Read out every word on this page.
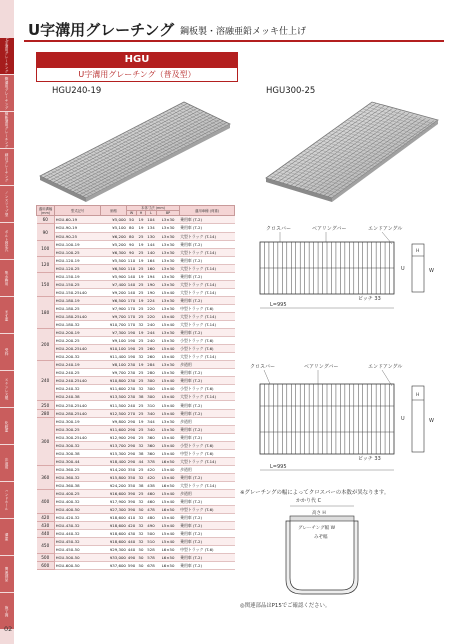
U字溝用グレーチング
側溝用グレーチング
横断溝用グレーチング
細目グレーチング
ノンスリップ型
ボルト固定式
集水桝用
ます蓋
受枠
ステンレス製
化粧蓋
歩道用
ハンドホール
溝蓋
関連部品
施工例
U字溝用グレーチング 鋼板製・溶融亜鉛メッキ仕上げ
HGU
U字溝用グレーチング（普及型）
HGU240-19	HGU300-25
適用溝幅 (mm)	型式記号	価格	本体寸法 (mm)				適用車種 (荷重)
			W	H	L	BP	
60	HGU-60-19	¥5,000	50	19	104	L3×30	乗用車 (T-2)
90	HGU-90-19	¥5,100	80	19	134	L3×30	乗用車 (T-2)
	HGU-90-25	¥6,200	80	25	130	L3×30	大型トラック (T-14)
100	HGU-100-19	¥5,200	90	19	144	L3×30	乗用車 (T-2)
	HGU-100-25	¥6,300	90	25	140	L3×30	大型トラック (T-14)
120	HGU-120-19	¥5,500	110	19	164	L3×30	乗用車 (T-2)
	HGU-120-25	¥6,500	110	25	160	L3×30	大型トラック (T-14)
150	HGU-150-19	¥5,900	140	19	194	L3×30	乗用車 (T-2)
	HGU-150-25	¥7,400	140	25	190	L3×30	大型トラック (T-14)
	HGU-150-25L40	¥9,200	140	25	190	L5×40	大型トラック (T-14)
180	HGU-180-19	¥6,500	170	19	224	L3×30	乗用車 (T-2)
	HGU-180-25	¥7,900	170	25	220	L3×30	中型トラック (T-6)
	HGU-180-25L40	¥9,700	170	25	220	L5×40	大型トラック (T-14)
	HGU-180-32	¥10,700	170	32	240	L5×40	大型トラック (T-14)
200	HGU-200-19	¥7,300	190	19	244	L3×30	乗用車 (T-2)
	HGU-200-25	¥9,100	190	25	240	L5×30	小型トラック (T-6)
	HGU-200-25L40	¥10,100	190	25	260	L5×40	小型トラック (T-6)
	HGU-200-32	¥11,400	190	32	260	L5×40	大型トラック (T-14)
240	HGU-240-19	¥8,100	230	19	284	L3×30	歩道用
	HGU-240-25	¥9,700	230	25	280	L5×30	乗用車 (T-2)
	HGU-240-25L40	¥10,800	230	25	300	L5×40	乗用車 (T-2)
	HGU-240-32	¥11,600	230	32	300	L5×40	小型トラック (T-6)
	HGU-240-38	¥13,500	230	38	300	L5×40	大型トラック (T-14)
250	HGU-250-25L40	¥11,500	240	25	310	L5×40	乗用車 (T-2)
280	HGU-280-25L40	¥12,500	270	25	340	L5×40	乗用車 (T-2)
300	HGU-300-19	¥9,800	290	19	344	L3×30	歩道用
	HGU-300-25	¥11,600	290	25	340	L5×30	乗用車 (T-2)
	HGU-300-25L40	¥12,900	290	25	360	L5×40	乗用車 (T-2)
	HGU-300-32	¥13,700	290	32	360	L5×40	小型トラック (T-6)
	HGU-300-38	¥15,300	290	38	360	L5×40	中型トラック (T-6)
	HGU-300-44	¥18,400	290	44	378	L6×50	大型トラック (T-14)
360	HGU-360-25	¥14,200	350	25	420	L5×40	歩道用
	HGU-360-32	¥15,800	350	32	420	L5×40	乗用車 (T-2)
	HGU-360-38	¥24,200	350	38	438	L6×50	大型トラック (T-14)
400	HGU-400-25	¥16,600	390	25	460	L5×40	歩道用
	HGU-400-32	¥17,900	390	32	460	L5×40	乗用車 (T-2)
	HGU-400-50	¥27,300	390	50	478	L6×50	中型トラック (T-6)
420	HGU-420-32	¥18,600	410	32	480	L5×40	乗用車 (T-2)
430	HGU-430-32	¥18,600	420	32	490	L5×40	乗用車 (T-2)
440	HGU-440-32	¥18,600	430	32	500	L5×40	乗用車 (T-2)
450	HGU-450-32	¥18,600	440	32	510	L5×40	乗用車 (T-2)
	HGU-450-50	¥29,300	440	50	528	L6×50	中型トラック (T-6)
500	HGU-500-50	¥33,000	490	50	578	L6×50	乗用車 (T-2)
600	HGU-600-50	¥37,600	590	50	678	L6×50	乗用車 (T-2)
クロスバー	ベアリングバー	エンドアングル
W
U
H
L=995
ピッチ 33
クロスバー	ベアリングバー	エンドアングル
W
U
H
L=995
ピッチ 33
※グレーチングの幅によってクロスバーの本数が異なります。
かかり代 C
高さ H
グレーチング幅 W
みぞ幅
◎関連部品はP15でご確認ください。
02
